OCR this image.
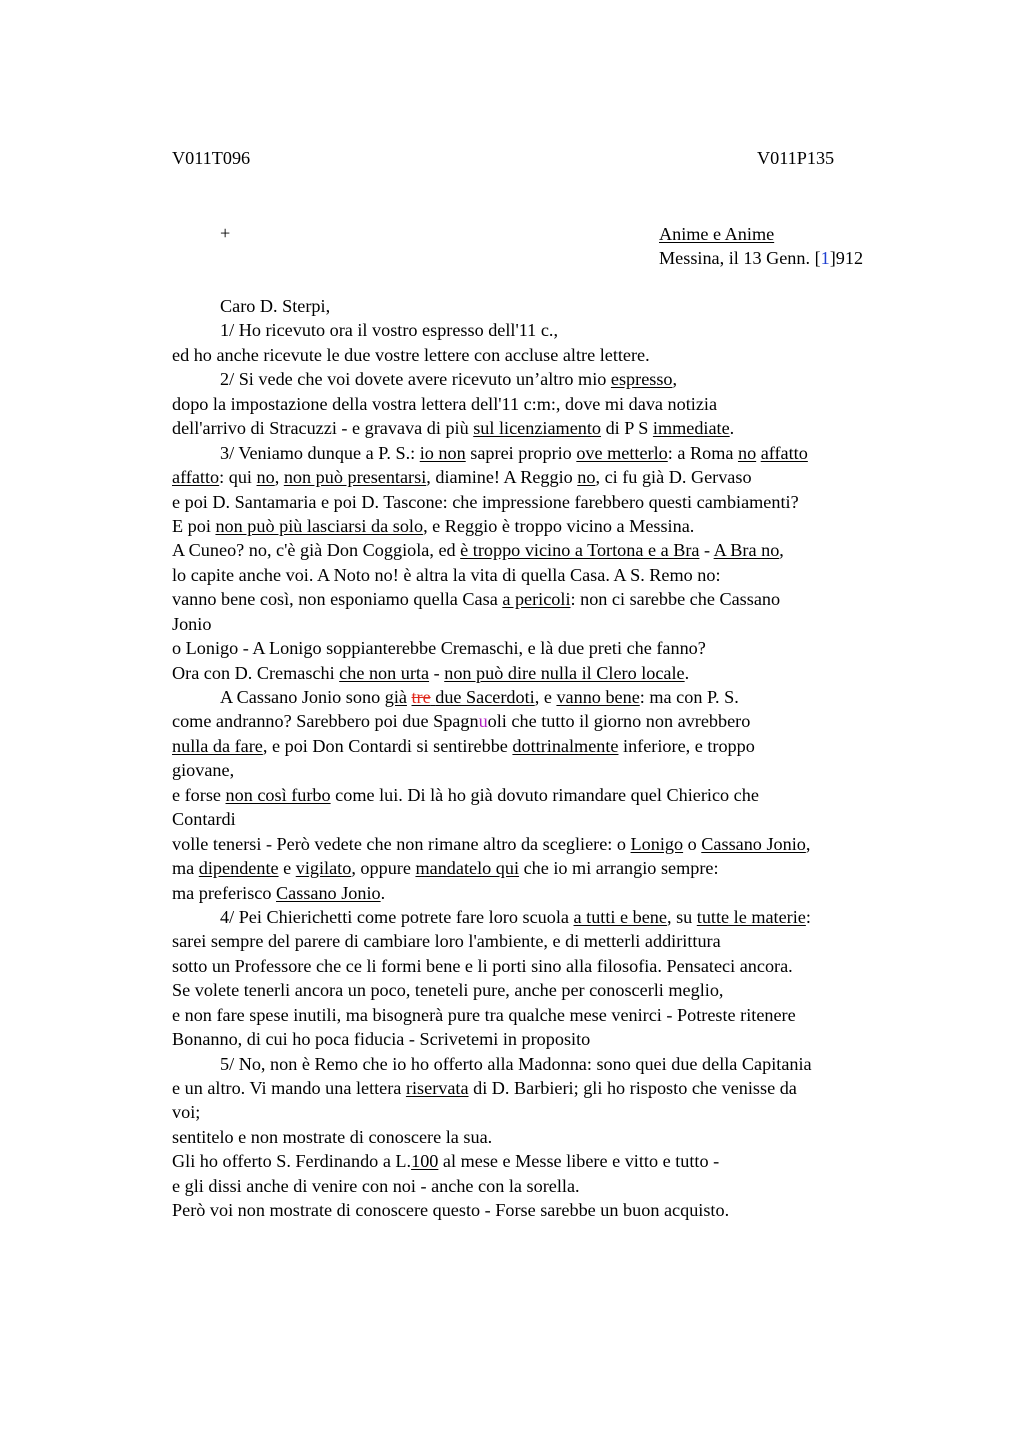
V011T096	V011P135
+	Anime e Anime
Messina, il 13 Genn. [1]912
Caro D. Sterpi,
1/ Ho ricevuto ora il vostro espresso dell'11 c.,
ed ho anche ricevute le due vostre lettere con accluse altre lettere.
2/ Si vede che voi dovete avere ricevuto un’altro mio espresso,
dopo la impostazione della vostra lettera dell'11 c:m:, dove mi dava notizia
dell'arrivo di Stracuzzi - e gravava di più sul licenziamento di P S immediate.
3/ Veniamo dunque a P. S.: io non saprei proprio ove metterlo: a Roma no affatto
affatto: qui no, non può presentarsi, diamine! A Reggio no, ci fu già D. Gervaso
e poi D. Santamaria e poi D. Tascone: che impressione farebbero questi cambiamenti?
E poi non può più lasciarsi da solo, e Reggio è troppo vicino a Messina.
A Cuneo? no, c'è già Don Coggiola, ed è troppo vicino a Tortona e a Bra - A Bra no,
lo capite anche voi. A Noto no! è altra la vita di quella Casa. A S. Remo no:
vanno bene così, non esponiamo quella Casa a pericoli: non ci sarebbe che Cassano
Jonio
o Lonigo - A Lonigo soppianterebbe Cremaschi, e là due preti che fanno?
Ora con D. Cremaschi che non urta - non può dire nulla il Clero locale.
A Cassano Jonio sono già tre due Sacerdoti, e vanno bene: ma con P. S.
come andranno? Sarebbero poi due Spagnuoli che tutto il giorno non avrebbero
nulla da fare, e poi Don Contardi si sentirebbe dottrinalmente inferiore, e troppo
giovane,
e forse non così furbo come lui. Di là ho già dovuto rimandare quel Chierico che
Contardi
volle tenersi - Però vedete che non rimane altro da scegliere: o Lonigo o Cassano Jonio,
ma dipendente e vigilato, oppure mandatelo qui che io mi arrangio sempre:
ma preferisco Cassano Jonio.
4/ Pei Chierichetti come potrete fare loro scuola a tutti e bene, su tutte le materie:
sarei sempre del parere di cambiare loro l'ambiente, e di metterli addirittura
sotto un Professore che ce li formi bene e li porti sino alla filosofia. Pensateci ancora.
Se volete tenerli ancora un poco, teneteli pure, anche per conoscerli meglio,
e non fare spese inutili, ma bisognerà pure tra qualche mese venirci - Potreste ritenere
Bonanno, di cui ho poca fiducia - Scrivetemi in proposito
5/ No, non è Remo che io ho offerto alla Madonna: sono quei due della Capitania
e un altro. Vi mando una lettera riservata di D. Barbieri; gli ho risposto che venisse da
voi;
sentitelo e non mostrate di conoscere la sua.
Gli ho offerto S. Ferdinando a L.100 al mese e Messe libere e vitto e tutto -
e gli dissi anche di venire con noi - anche con la sorella.
Però voi non mostrate di conoscere questo - Forse sarebbe un buon acquisto.
